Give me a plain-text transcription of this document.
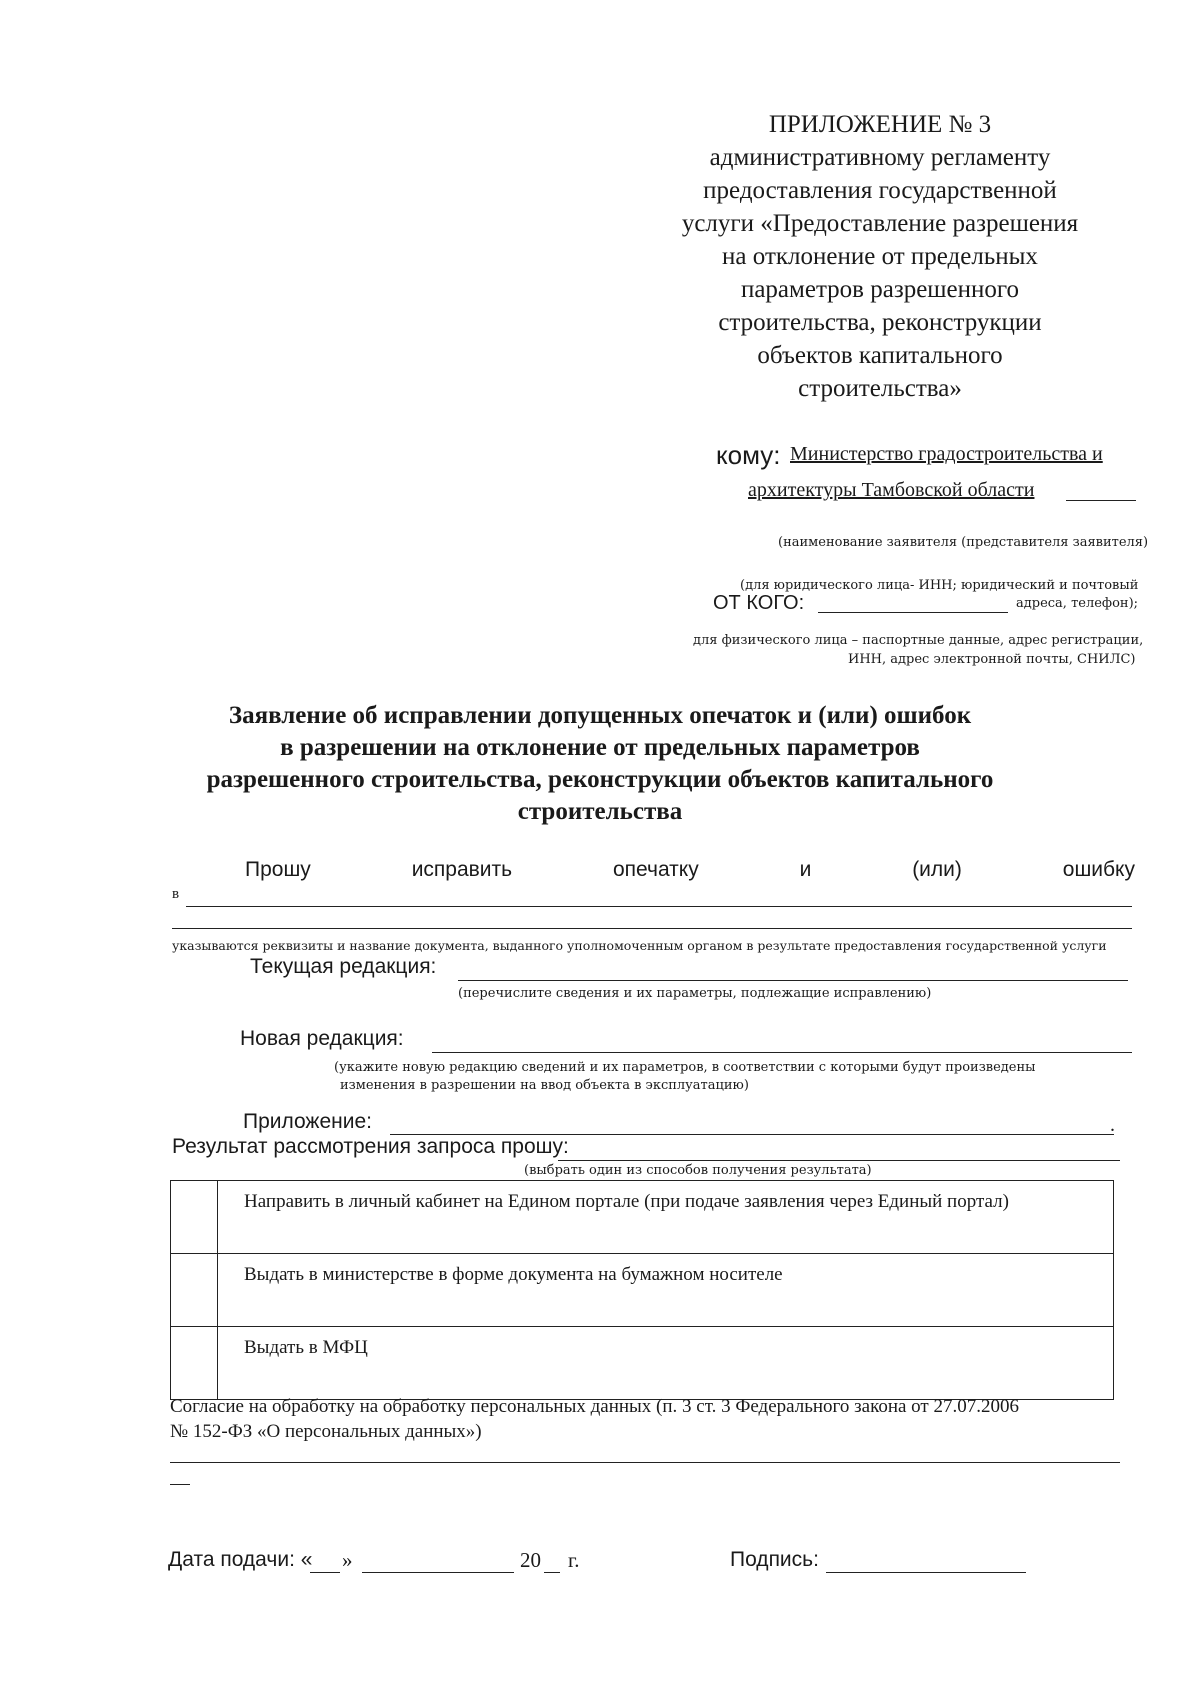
ПРИЛОЖЕНИЕ № 3
административному регламенту
предоставления государственной
услуги «Предоставление разрешения
на отклонение от предельных
параметров разрешенного
строительства, реконструкции
объектов капитального
строительства»
кому: Министерство градостроительства и
архитектуры Тамбовской области
(наименование заявителя (представителя заявителя)
(для юридического лица- ИНН; юридический и почтовый
ОТ КОГО:	адреса, телефон);
для физического лица – паспортные данные, адрес регистрации,
ИНН, адрес электронной почты, СНИЛС)
Заявление об исправлении допущенных опечаток и (или) ошибок
в разрешении на отклонение от предельных параметров
разрешенного строительства, реконструкции объектов капитального
строительства
Прошу	исправить	опечатку	и	(или)	ошибку
в
указываются реквизиты и название документа, выданного уполномоченным органом в результате предоставления государственной услуги
Текущая редакция:
(перечислите сведения и их параметры, подлежащие исправлению)
Новая редакция:
(укажите новую редакцию сведений и их параметров, в соответствии с которыми будут произведены
изменения в разрешении на ввод объекта в эксплуатацию)
Приложение:	.
Результат рассмотрения запроса прошу:
(выбрать один из способов получения результата)
	Направить в личный кабинет на Едином портале (при подаче заявления через Единый портал)
	Выдать в министерстве в форме документа на бумажном носителе
	Выдать в МФЦ
Согласие на обработку на обработку персональных данных (п. 3 ст. 3 Федерального закона от 27.07.2006
№ 152-ФЗ «О персональных данных»)
Дата подачи: « »	20 г.	Подпись:
